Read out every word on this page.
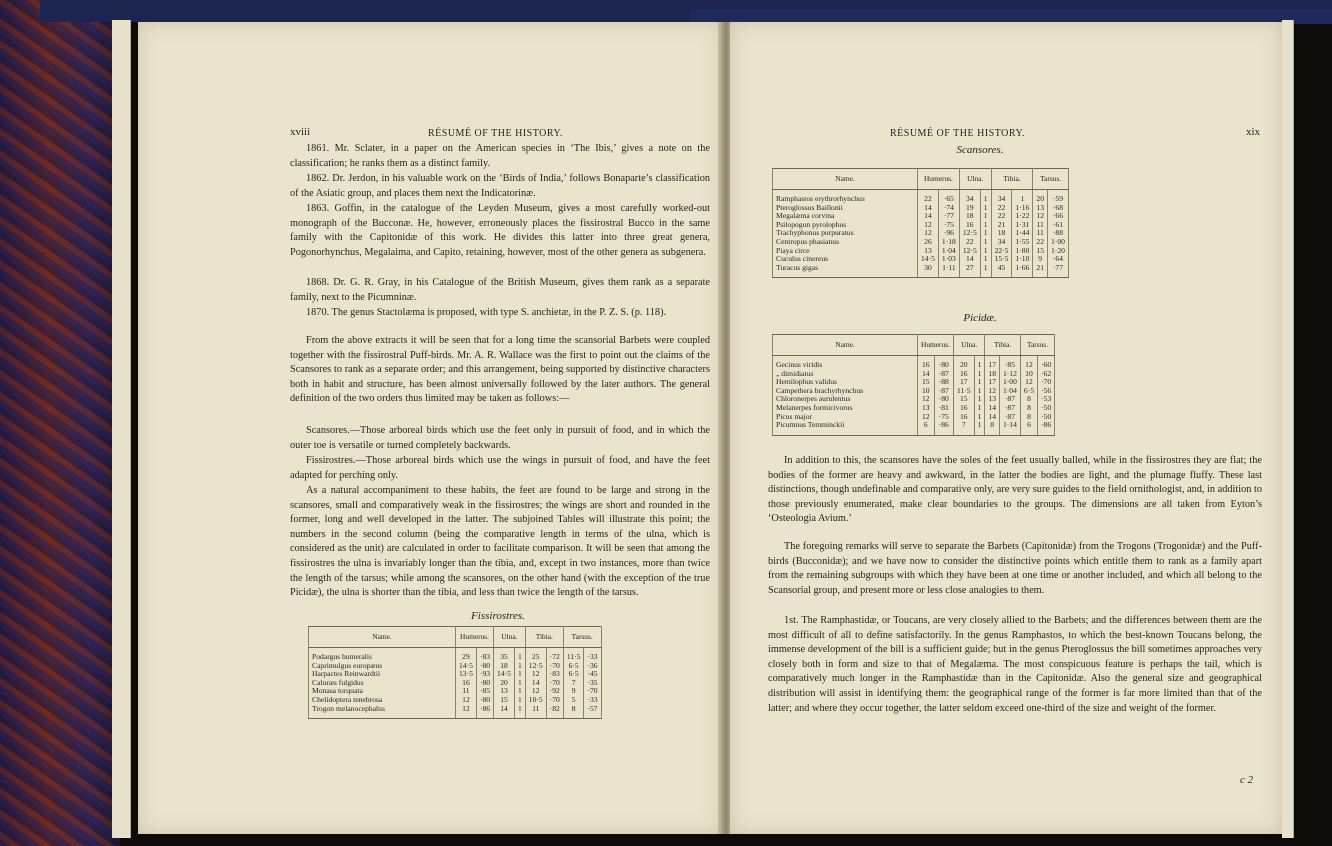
xviii	RÉSUMÉ OF THE HISTORY.

1861. Mr. Sclater, in a paper on the American species in ‘The Ibis,’ gives a note on the classification; he ranks them as a distinct family.

1862. Dr. Jerdon, in his valuable work on the ‘Birds of India,’ follows Bonaparte’s classification of the Asiatic group, and places them next the Indicatorinæ.

1863. Goffin, in the catalogue of the Leyden Museum, gives a most carefully worked-out monograph of the Bucconæ. He, however, erroneously places the fissirostral Bucco in the same family with the Capitonidæ of this work. He divides this latter into three great genera, Pogonorhynchus, Megalaima, and Capito, retaining, however, most of the other genera as subgenera.

1868. Dr. G. R. Gray, in his Catalogue of the British Museum, gives them rank as a separate family, next to the Picumninæ.

1870. The genus Stactolæma is proposed, with type S. anchietæ, in the P. Z. S. (p. 118).

From the above extracts it will be seen that for a long time the scansorial Barbets were coupled together with the fissirostral Puff-birds. Mr. A. R. Wallace was the first to point out the claims of the Scansores to rank as a separate order; and this arrangement, being supported by distinctive characters both in habit and structure, has been almost universally followed by the later authors. The general definition of the two orders thus limited may be taken as follows:—

Scansores.—Those arboreal birds which use the feet only in pursuit of food, and in which the outer toe is versatile or turned completely backwards.

Fissirostres.—Those arboreal birds which use the wings in pursuit of food, and have the feet adapted for perching only.

As a natural accompaniment to these habits, the feet are found to be large and strong in the scansores, small and comparatively weak in the fissirostres; the wings are short and rounded in the former, long and well developed in the latter. The subjoined Tables will illustrate this point; the numbers in the second column (being the comparative length in terms of the ulna, which is considered as the unit) are calculated in order to facilitate comparison. It will be seen that among the fissirostres the ulna is invariably longer than the tibia, and, except in two instances, more than twice the length of the tarsus; while among the scansores, on the other hand (with the exception of the true Picidæ), the ulna is shorter than the tibia, and less than twice the length of the tarsus.

Fissirostres.
Name.	Humerus.		Ulna.		Tibia.		Tarsus.	
Podargus humeralis	29	·83	35	1	25	·72	11·5	·33
Caprimulgus europæus	14·5	·80	18	1	12·5	·70	6·5	·36
Harpactes Reinwardtii	13·5	·93	14·5	1	12	·83	6·5	·45
Caluræs fulgidus	16	·80	20	1	14	·70	7	·35
Monasa torquata	11	·85	13	1	12	·92	9	·70
Chelidoptera tenebrosa	12	·80	15	1	10·5	·70	5	·33
Trogon melanocephalus	12	·86	14	1	11	·82	8	·57
RÉSUMÉ OF THE HISTORY.	xix
Scansores.
Name.	Humerus.		Ulna.		Tibia.		Tarsus.	
Ramphastos erythrorhynchus	22	·65	34	1	34	1	20	·59
Pteroglossus Baillonii	14	·74	19	1	22	1·16	13	·68
Megalæma corvina	14	·77	18	1	22	1·22	12	·66
Psilopogon pyrolophus	12	·75	16	1	21	1·31	11	·61
Trachyphonus purpuratus	12	·96	12·5	1	18	1·44	11	·88
Centropus phasianus	26	1·18	22	1	34	1·55	22	1·00
Piaya circe	13	1·04	12·5	1	22·5	1·80	15	1·20
Cuculus cinereus	14·5	1·03	14	1	15·5	1·10	9	·64
Turacus gigas	30	1·11	27	1	45	1·66	21	·77
Picidæ.
Name.	Humerus.		Ulna.		Tibia.		Tarsus.	
Gecinus viridis	16	·80	20	1	17	·85	12	·60
„ dimidiatus	14	·87	16	1	18	1·12	10	·62
Hemilophus validus	15	·88	17	1	17	1·00	12	·70
Campethera brachyrhynchus	10	·87	11·5	1	12	1·04	6·5	·56
Chloronerpes aurulentus	12	·80	15	1	13	·87	8	·53
Melanerpes formicivorus	13	·81	16	1	14	·87	8	·50
Picus major	12	·75	16	1	14	·87	8	·50
Picumnus Temminckii	6	·86	7	1	8	1·14	6	·86

In addition to this, the scansores have the soles of the feet usually balled, while in the fissirostres they are flat; the bodies of the former are heavy and awkward, in the latter the bodies are light, and the plumage fluffy. These last distinctions, though undefinable and comparative only, are very sure guides to the field ornithologist, and, in addition to those previously enumerated, make clear boundaries to the groups. The dimensions are all taken from Eyton’s ‘Osteologia Avium.’

The foregoing remarks will serve to separate the Barbets (Capitonidæ) from the Trogons (Trogonidæ) and the Puff-birds (Bucconidæ); and we have now to consider the distinctive points which entitle them to rank as a family apart from the remaining subgroups with which they have been at one time or another included, and which all belong to the Scansorial group, and present more or less close analogies to them.

1st. The Ramphastidæ, or Toucans, are very closely allied to the Barbets; and the differences between them are the most difficult of all to define satisfactorily. In the genus Ramphastos, to which the best-known Toucans belong, the immense development of the bill is a sufficient guide; but in the genus Pteroglossus the bill sometimes approaches very closely both in form and size to that of Megalæma. The most conspicuous feature is perhaps the tail, which is comparatively much longer in the Ramphastidæ than in the Capitonidæ. Also the general size and geographical distribution will assist in identifying them: the geographical range of the former is far more limited than that of the latter; and where they occur together, the latter seldom exceed one-third of the size and weight of the former.

c 2
